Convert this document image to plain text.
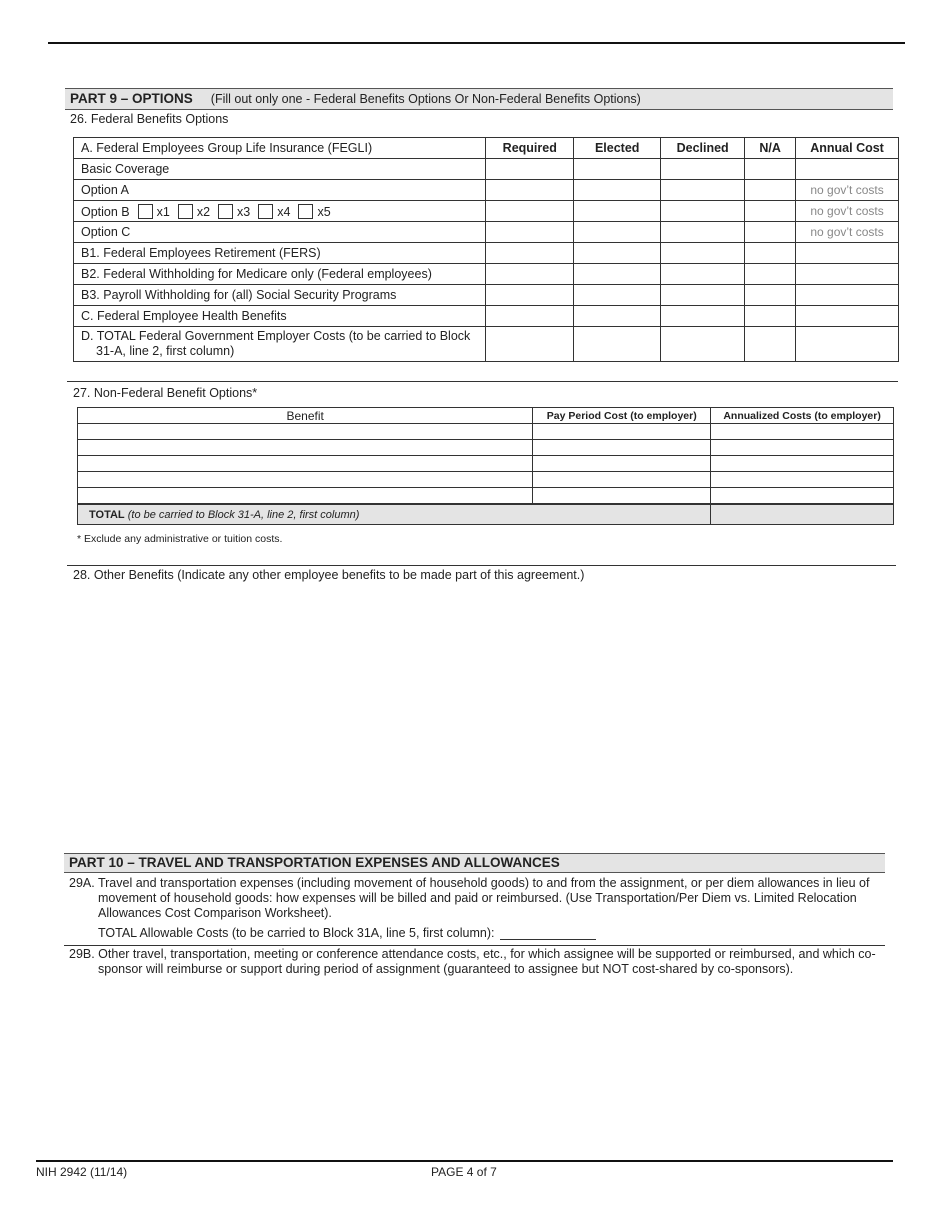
PART 9 – OPTIONS (Fill out only one - Federal Benefits Options Or Non-Federal Benefits Options)
26. Federal Benefits Options
A. Federal Employees Group Life Insurance (FEGLI)	Required	Elected	Declined	N/A	Annual Cost
Basic Coverage					
Option A					no gov’t costs
Option B x1 x2 x3 x4 x5					no gov’t costs
Option C					no gov’t costs
B1. Federal Employees Retirement (FERS)					
B2. Federal Withholding for Medicare only (Federal employees)					
B3. Payroll Withholding for (all) Social Security Programs					
C. Federal Employee Health Benefits					
D. TOTAL Federal Government Employer Costs (to be carried to Block 31-A, line 2, first column)					
27. Non-Federal Benefit Options*
Benefit	Pay Period Cost (to employer)	Annualized Costs (to employer)

TOTAL (to be carried to Block 31-A, line 2, first column)		
* Exclude any administrative or tuition costs.
28. Other Benefits (Indicate any other employee benefits to be made part of this agreement.)
PART 10 – TRAVEL AND TRANSPORTATION EXPENSES AND ALLOWANCES
29A. Travel and transportation expenses (including movement of household goods) to and from the assignment, or per diem allowances in lieu of movement of household goods: how expenses will be billed and paid or reimbursed. (Use Transportation/Per Diem vs. Limited Relocation Allowances Cost Comparison Worksheet).
TOTAL Allowable Costs (to be carried to Block 31A, line 5, first column):
29B. Other travel, transportation, meeting or conference attendance costs, etc., for which assignee will be supported or reimbursed, and which co-sponsor will reimburse or support during period of assignment (guaranteed to assignee but NOT cost-shared by co-sponsors).
NIH 2942 (11/14)	PAGE 4 of 7
